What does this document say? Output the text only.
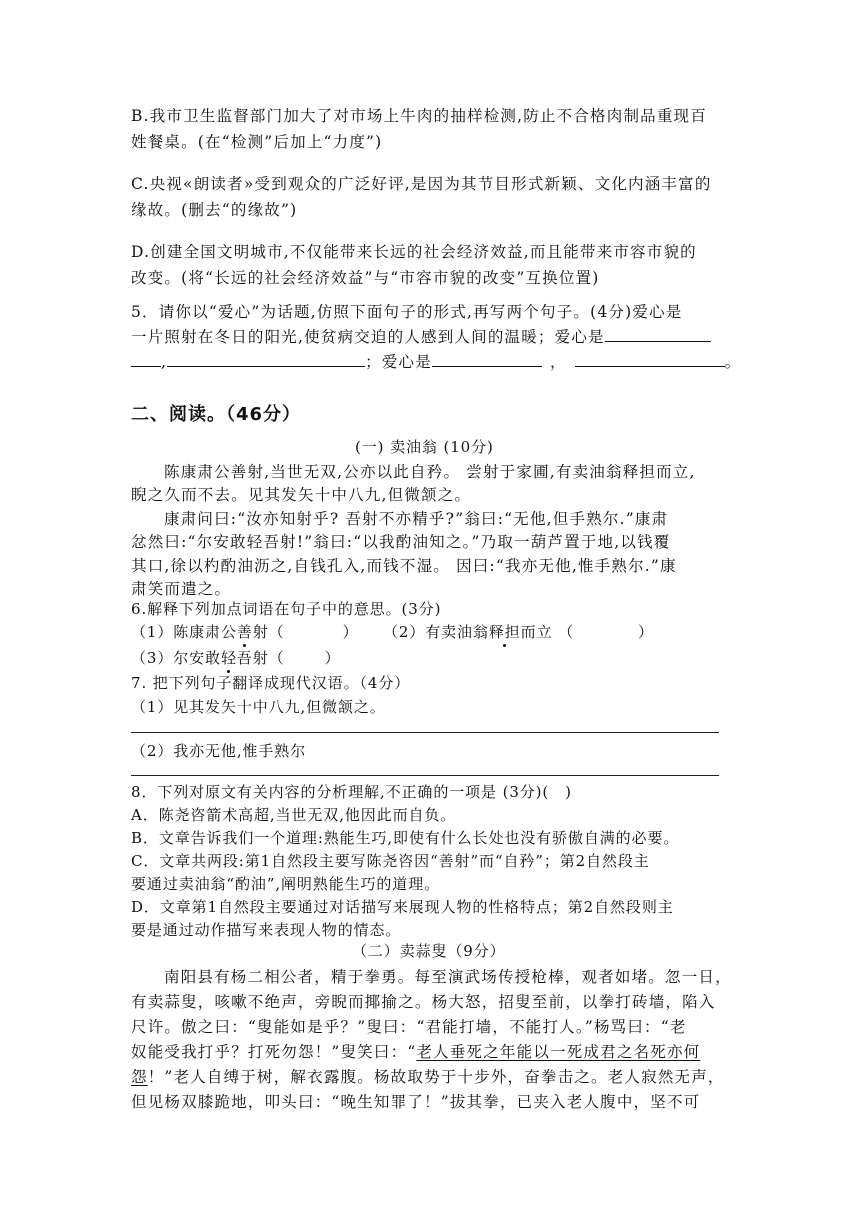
B.我市卫生监督部门加大了对市场上牛肉的抽样检测,防止不合格肉制品重现百
姓餐桌。(在“检测”后加上“力度”)
C.央视«朗读者»受到观众的广泛好评,是因为其节目形式新颖、文化内涵丰富的
缘故。(删去“的缘故”)
D.创建全国文明城市,不仅能带来长远的社会经济效益,而且能带来市容市貌的
改变。(将“长远的社会经济效益”与“市容市貌的改变”互换位置)
5．请你以“爱心”为话题,仿照下面句子的形式,再写两个句子。(4分)爱心是
一片照射在冬日的阳光,使贫病交迫的人感到人间的温暖；爱心是
,	；爱心是	，	。
二、阅读。（46分）
(一) 卖油翁 (10分)
陈康肃公善射,当世无双,公亦以此自矜。 尝射于家圃,有卖油翁释担而立,
睨之久而不去。见其发矢十中八九,但微颔之。
康肃问曰:“汝亦知射乎? 吾射不亦精乎?”翁曰:“无他,但手熟尔.”康肃
忿然曰:“尔安敢轻吾射!”翁曰:“以我酌油知之。”乃取一葫芦置于地,以钱覆
其口,徐以杓酌油沥之,自钱孔入,而钱不湿。 因曰:“我亦无他,惟手熟尔.”康
肃笑而遣之。
6.解释下列加点词语在句子中的意思。(3分)
（1）陈康肃公善射（	） （2）有卖油翁释担而立 （	）
（3）尔安敢轻吾射（	）
7. 把下列句子翻译成现代汉语。（4分）
（1）见其发矢十中八九,但微颔之。
（2）我亦无他,惟手熟尔
8．下列对原文有关内容的分析理解,不正确的一项是 (3分)(　)
A．陈尧咨箭术高超,当世无双,他因此而自负。
B．文章告诉我们一个道理:熟能生巧,即使有什么长处也没有骄傲自满的必要。
C．文章共两段:第1自然段主要写陈尧咨因“善射”而“自矜”；第2自然段主
要通过卖油翁“酌油”,阐明熟能生巧的道理。
D．文章第1自然段主要通过对话描写来展现人物的性格特点；第2自然段则主
要是通过动作描写来表现人物的情态。
（二）卖蒜叟（9分）
南阳县有杨二相公者，精于拳勇。每至演武场传授枪棒，观者如堵。忽一日，
有卖蒜叟，咳嗽不绝声，旁睨而揶揄之。杨大怒，招叟至前，以拳打砖墙，陷入
尺许。傲之曰：“叟能如是乎？”叟曰：“君能打墙，不能打人。”杨骂曰：“老
奴能受我打乎？打死勿怨！”叟笑曰：“老人垂死之年能以一死成君之名死亦何
怨！”老人自缚于树，解衣露腹。杨故取势于十步外，奋拳击之。老人寂然无声，
但见杨双膝跪地，叩头曰：“晚生知罪了！”拔其拳，已夹入老人腹中，坚不可
